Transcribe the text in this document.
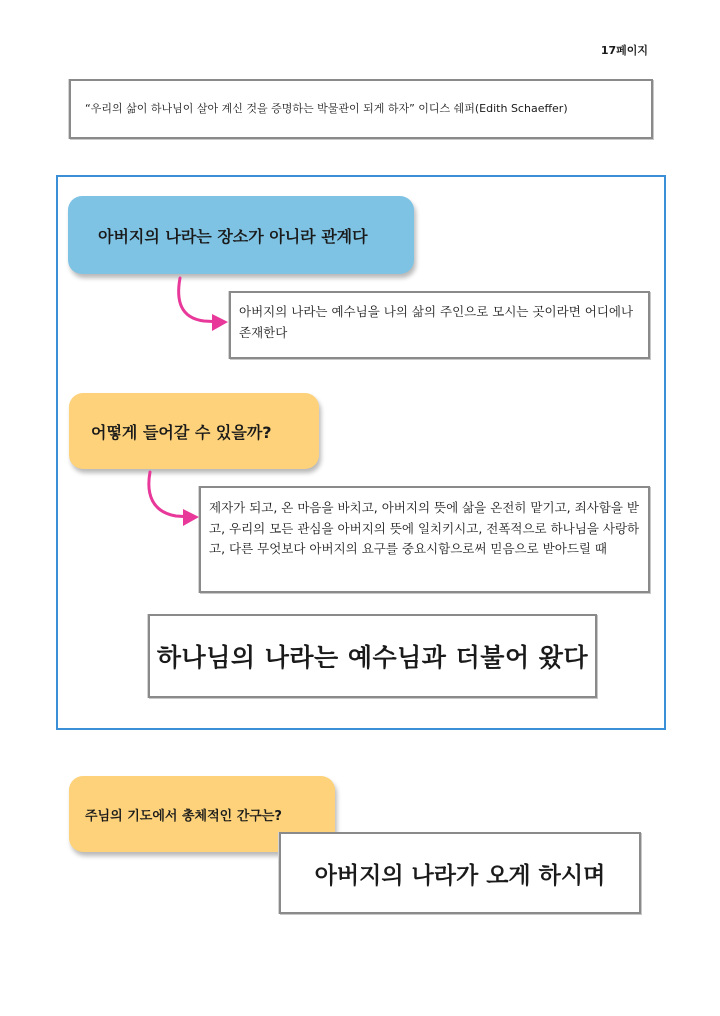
17페이지
“우리의 삶이 하나님이 살아 계신 것을 증명하는 박물관이 되게 하자” 이디스 쉐퍼(Edith Schaeffer)
아버지의 나라는 장소가 아니라 관계다
아버지의 나라는 예수님을 나의 삶의 주인으로 모시는 곳이라면 어디에나 존재한다
어떻게 들어갈 수 있을까?
제자가 되고, 온 마음을 바치고, 아버지의 뜻에 삶을 온전히 맡기고, 죄사함을 받고, 우리의 모든 관심을 아버지의 뜻에 일치키시고, 전폭적으로 하나님을 사랑하고, 다른 무엇보다 아버지의 요구를 중요시함으로써 믿음으로 받아드릴 때
하나님의 나라는 예수님과 더불어 왔다
주님의 기도에서 총체적인 간구는?
아버지의 나라가 오게 하시며
